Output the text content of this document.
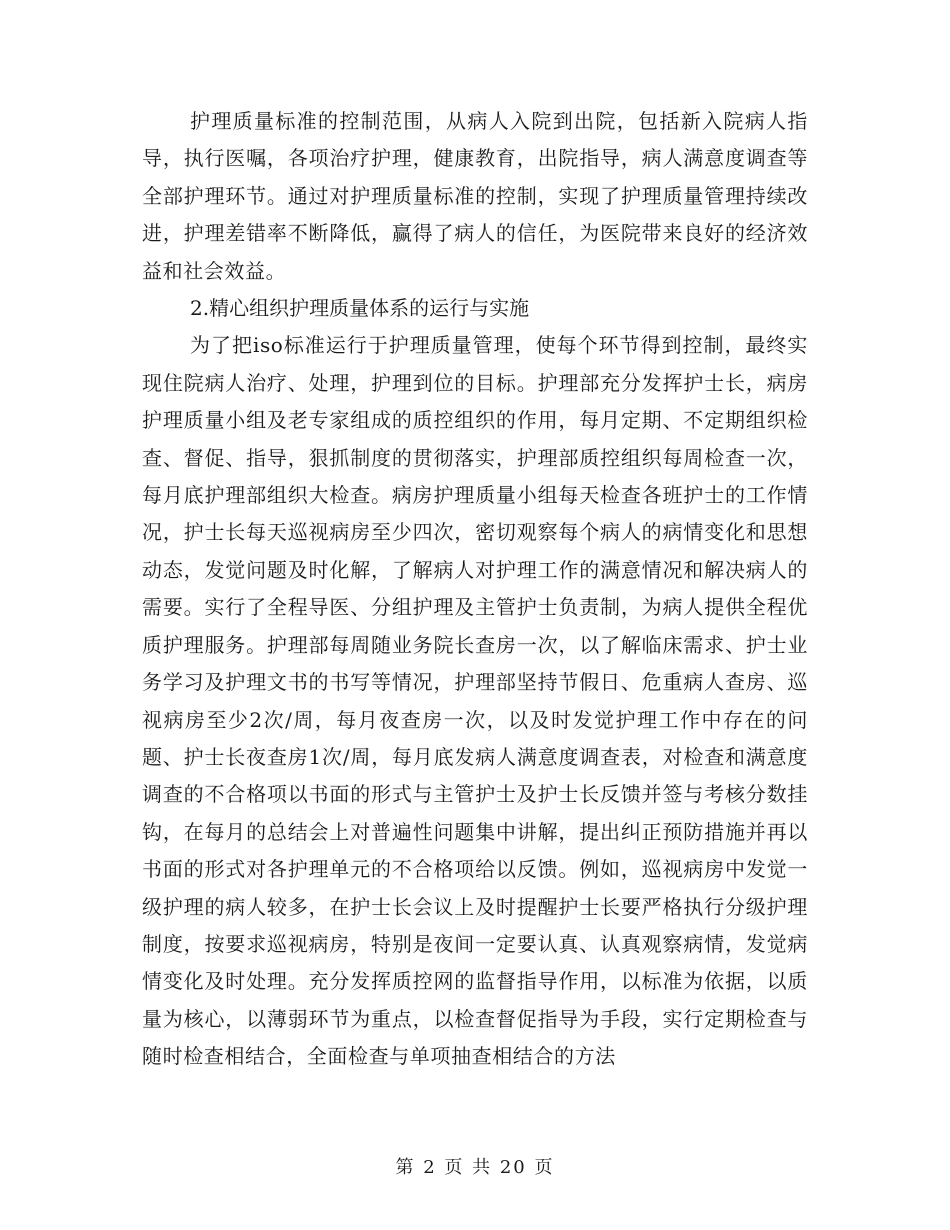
护理质量标准的控制范围，从病人入院到出院，包括新入院病人指导，执行医嘱，各项治疗护理，健康教育，出院指导，病人满意度调查等全部护理环节。通过对护理质量标准的控制，实现了护理质量管理持续改进，护理差错率不断降低，赢得了病人的信任，为医院带来良好的经济效益和社会效益。

2.精心组织护理质量体系的运行与实施

为了把iso标准运行于护理质量管理，使每个环节得到控制，最终实现住院病人治疗、处理，护理到位的目标。护理部充分发挥护士长，病房护理质量小组及老专家组成的质控组织的作用，每月定期、不定期组织检查、督促、指导，狠抓制度的贯彻落实，护理部质控组织每周检查一次，每月底护理部组织大检查。病房护理质量小组每天检查各班护士的工作情况，护士长每天巡视病房至少四次，密切观察每个病人的病情变化和思想动态，发觉问题及时化解，了解病人对护理工作的满意情况和解决病人的需要。实行了全程导医、分组护理及主管护士负责制，为病人提供全程优质护理服务。护理部每周随业务院长查房一次，以了解临床需求、护士业务学习及护理文书的书写等情况，护理部坚持节假日、危重病人查房、巡视病房至少2次/周，每月夜查房一次，以及时发觉护理工作中存在的问题、护士长夜查房1次/周，每月底发病人满意度调查表，对检查和满意度调查的不合格项以书面的形式与主管护士及护士长反馈并签与考核分数挂钩，在每月的总结会上对普遍性问题集中讲解，提出纠正预防措施并再以书面的形式对各护理单元的不合格项给以反馈。例如，巡视病房中发觉一级护理的病人较多，在护士长会议上及时提醒护士长要严格执行分级护理制度，按要求巡视病房，特别是夜间一定要认真、认真观察病情，发觉病情变化及时处理。充分发挥质控网的监督指导作用，以标准为依据，以质量为核心，以薄弱环节为重点，以检查督促指导为手段，实行定期检查与随时检查相结合，全面检查与单项抽查相结合的方法

第 2 页 共 20 页
